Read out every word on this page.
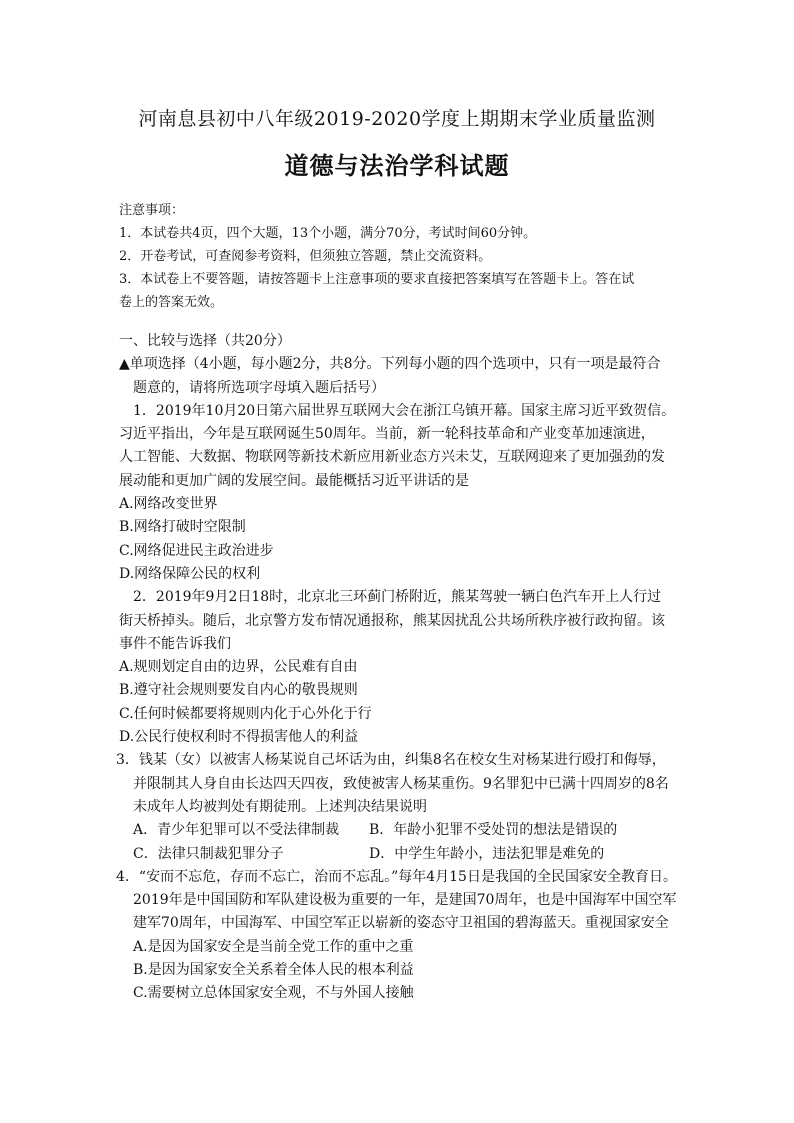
河南息县初中八年级2019-2020学度上期期末学业质量监测
道德与法治学科试题
注意事项：
1．本试卷共4页，四个大题，13个小题，满分70分，考试时间60分钟。
2．开卷考试，可查阅参考资料，但须独立答题，禁止交流资料。
3．本试卷上不要答题，请按答题卡上注意事项的要求直接把答案填写在答题卡上。答在试
卷上的答案无效。
一、比较与选择（共20分）
▲单项选择（4小题，每小题2分，共8分。下列每小题的四个选项中，只有一项是最符合
题意的，请将所选项字母填入题后括号）
1．2019年10月20日第六届世界互联网大会在浙江乌镇开幕。国家主席习近平致贺信。
习近平指出，今年是互联网诞生50周年。当前，新一轮科技革命和产业变革加速演进，
人工智能、大数据、物联网等新技术新应用新业态方兴未艾，互联网迎来了更加强劲的发
展动能和更加广阔的发展空间。最能概括习近平讲话的是
A.网络改变世界
B.网络打破时空限制
C.网络促进民主政治进步
D.网络保障公民的权利
2．2019年9月2日18时，北京北三环蓟门桥附近，熊某驾驶一辆白色汽车开上人行过
街天桥掉头。随后，北京警方发布情况通报称，熊某因扰乱公共场所秩序被行政拘留。该
事件不能告诉我们
A.规则划定自由的边界，公民难有自由
B.遵守社会规则要发自内心的敬畏规则
C.任何时候都要将规则内化于心外化于行
D.公民行使权利时不得损害他人的利益
3．钱某（女）以被害人杨某说自己坏话为由，纠集8名在校女生对杨某进行殴打和侮辱，
并限制其人身自由长达四天四夜，致使被害人杨某重伤。9名罪犯中已满十四周岁的8名
未成年人均被判处有期徒刑。上述判决结果说明
A．青少年犯罪可以不受法律制裁	B．年龄小犯罪不受处罚的想法是错误的
C．法律只制裁犯罪分子	D．中学生年龄小，违法犯罪是难免的
4．“安而不忘危，存而不忘亡，治而不忘乱。”每年4月15日是我国的全民国家安全教育日。
2019年是中国国防和军队建设极为重要的一年，是建国70周年，也是中国海军中国空军
建军70周年，中国海军、中国空军正以崭新的姿态守卫祖国的碧海蓝天。重视国家安全
A.是因为国家安全是当前全党工作的重中之重
B.是因为国家安全关系着全体人民的根本利益
C.需要树立总体国家安全观，不与外国人接触
